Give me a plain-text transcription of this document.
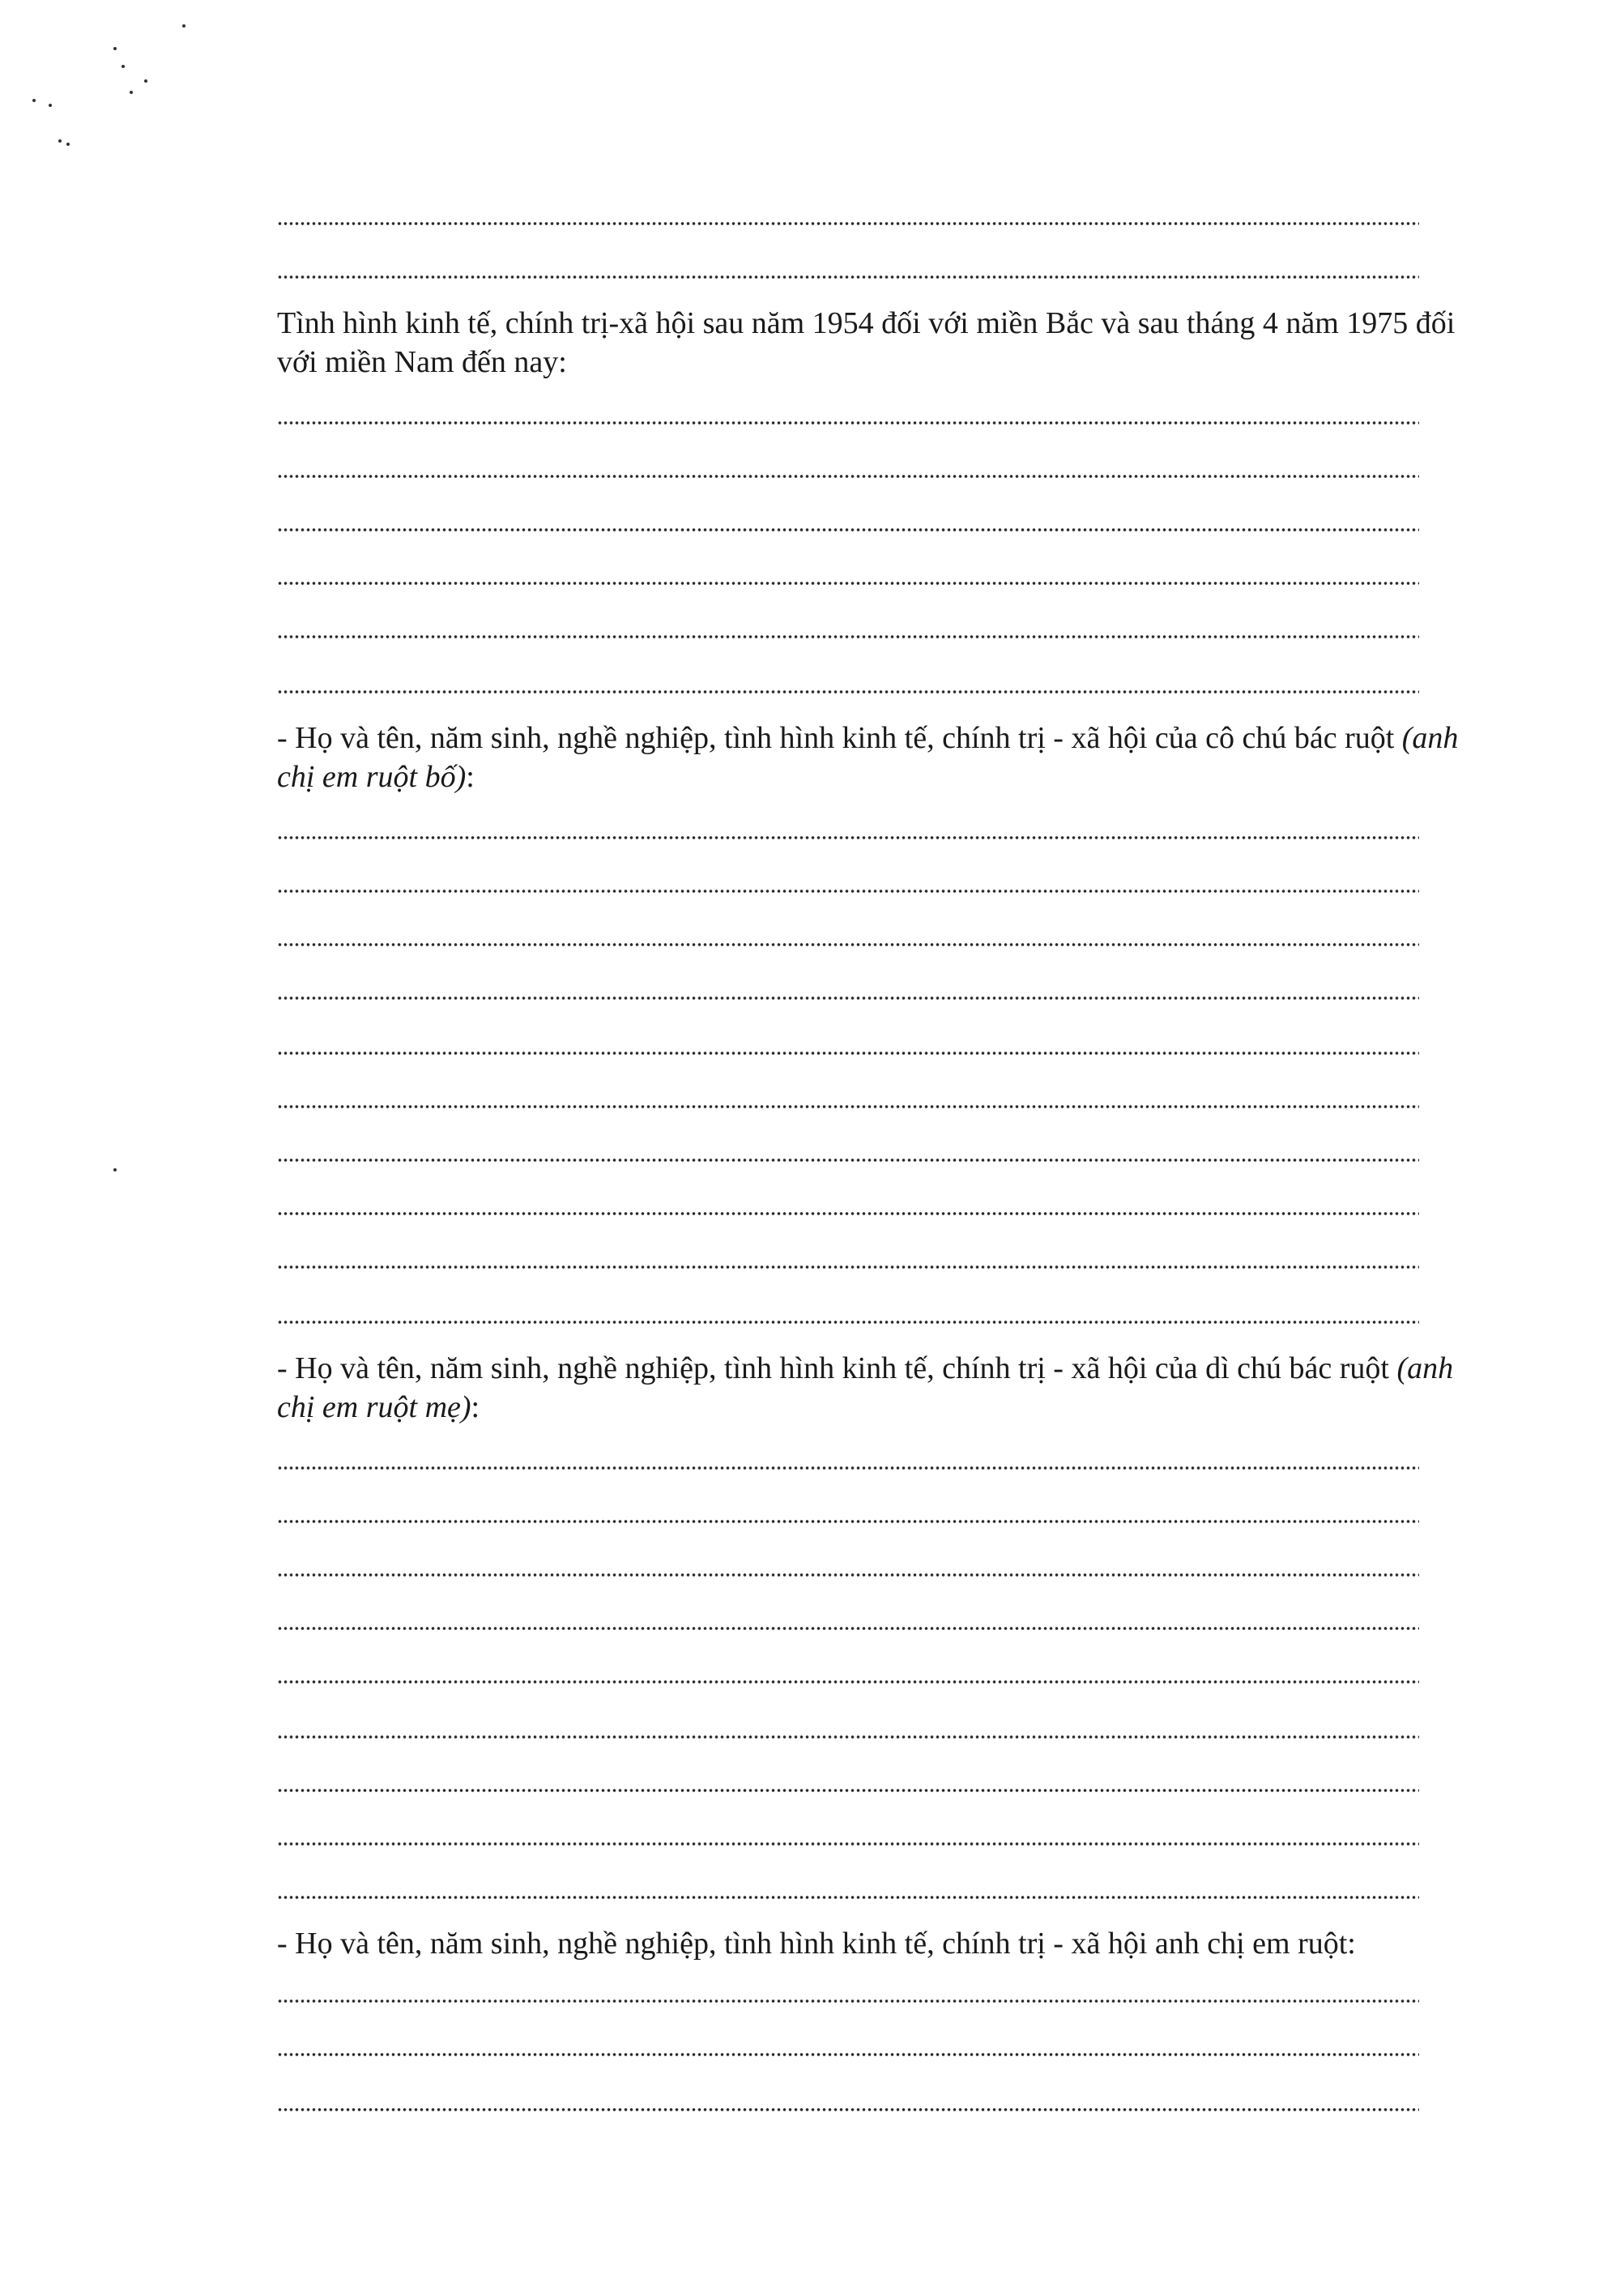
Tình hình kinh tế, chính trị-xã hội sau năm 1954 đối với miền Bắc và sau tháng 4 năm 1975 đối với miền Nam đến nay:

- Họ và tên, năm sinh, nghề nghiệp, tình hình kinh tế, chính trị - xã hội của cô chú bác ruột (anh chị em ruột bố):

- Họ và tên, năm sinh, nghề nghiệp, tình hình kinh tế, chính trị - xã hội của dì chú bác ruột (anh chị em ruột mẹ):

- Họ và tên, năm sinh, nghề nghiệp, tình hình kinh tế, chính trị - xã hội anh chị em ruột:
